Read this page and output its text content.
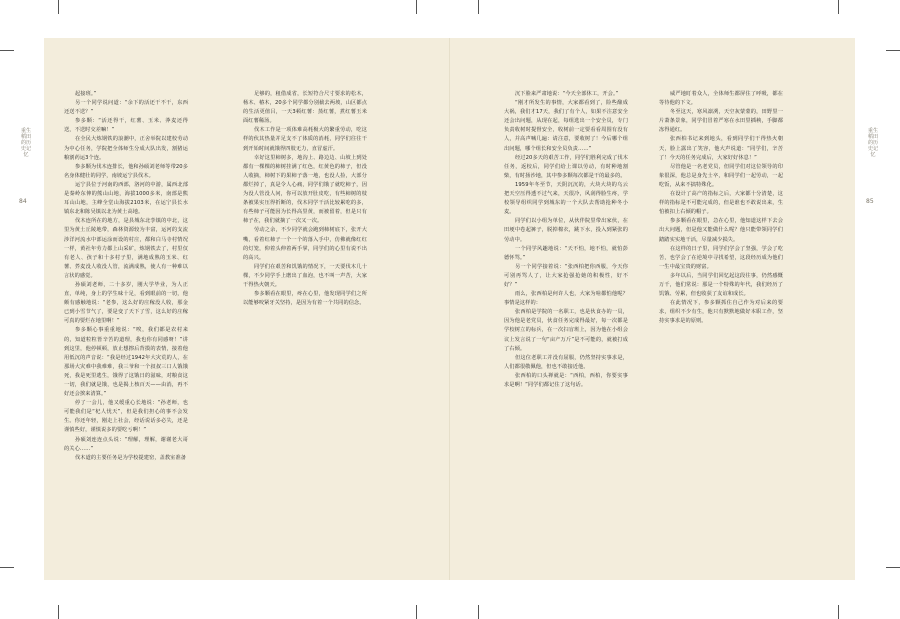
重生稻田的历史记忆
84
重生稻田的历史记忆
85

起接班。”

另一个同学说问道：“余下的活还干不干，东西还送不送？”

参多颗：“活还得干，红薯、玉米、莽麦还得送，不送时交差嘛！”

在全民大炼钢铁的浪潮中，正舍举院以建校劳动为中心任务，学院把全体师生分成大队出发，割猪运粮割药运3个连。

参多颗为伐木连排长，他和孙硕刘老师等带20多名身体健壮的同学，南坡运宁县伐木。

运宁县位于河南的西部，洛河的中游，属西北部是秦岭东伸的熊山山地，海拔1000多米，南部是熊耳山山地，主峰全堂山海拔2103米，在运宁县长水镇东北和陈吴镇以北为黄土高地。

伐木连所在的地方，是县城东北孪镇的中北，这里为黄土丘陵地带，森林资源较为丰富，运河的支流涉洋河流水中部运涂而设的村庄，都和白马寺村情况一样，黄社年劳力都上山采矿，炼钢铁去了，村里仅有老人、孩子和十多村子里，满地成熟的玉米、红薯、荞麦没人收没人管，流满成熟，使人有一种难以言状的感觉。

孙硕刘老师，二十多岁，刚大学毕业，为人正直，单纯，身上的学生味十足，看到眼前的一切，他颇有感触地说：“老参，这么好的庄稼没人收，那金已到小雪节气了，要是变了天下了雪，这么好的庄稼可真的要烂在地里啊！”

参多颗心事重重地说：“唉，我们都是农村来的，知道粒粒皆辛苦的道理，我也你有同感呀！”讲到这里，他停顿顿，放止想擦后背摸的表情，接着他用低沉的声音说：“我是经过1942年大灾荒的人，在那场大灾难中我难难，我三爷和一个叔叔三口人饿饿死，我是死里逃生，饿得了这饿日的滋味，对粮食这一切，我们就是饿，也是揭上核百天——由消，再不好还会挨来清算。”

停了一会儿，他又缓重心长地说：“孙老师，也可能我们是“杞人忧天”，但是我们担心的事不会发生。你还年轻，刚走上社会，经话说话多必失，还是谨慎些好，谨慎说多的要吃亏啊！”

孙硕刘连连点头说：“理解，理解，谢谢老大哥的关心……”

伐木道的主要任务是为学校提建窑，盖教室准备

足够的，租借成省，长短符合尺寸要求的松木，杨木、椿木，20多个同学都分别截去两坡，山区都点的生活更值吕，一天3顿红薯：蒸红薯，煮红薯玉米面红薯稀汤。

伐木工作是一项体难高耗极大的繁重劳动，吃这样的伙其热量并足支不了体质的消耗，同学们往往干到开始时间就饿得四肢无力，直冒虚汗。

幸好这里柿树多，地沟上、路边边、山坡上到处都有一棵棵的柿树挂满了红色，红黄色的柿子，但没人收摘，柿树下的果柿子落一地，也没人捡，大部分都烂掉了，真是令人心痛，同学们饿了就吃柿子，因为没人管没人问，你可以放开肚皮吃，有些柿树的枝条被果实压得折断的，伐木同学干活比较累吃的多，有些柿子可能因为长得高里黄，而被留着，但是只有柿子在，我们就摘了一次又一次。

劳动之余，不少同学就会跑到柿树底下，张开大嘴，看着红柿子一个一个的落入手中，仿佛就像红红的灯笼，仰着头伸着两手掌，同学们的心里有说不出的高兴。

同学们在艰苦和饥饿的情况下，一天要伐木几十棵，不少同学手上磨出了血泡，也不叫一声苦，大家干得热火朝天。

参多颗看在眼里，疼在心里，他发现同学们之所以能够咬紧牙关坚持，是因为有着一个共同的信念。

沉下脸来严肃地说：“今天全部休工，开会。”

“刚才所发生的事情，大家都看到了，险些酿成大祸，我们才17天，我们了有个人，如果不注意安全还会出问题，从现在起，每组选出一个安全员，专门负责收树时提督安全，收树前一定要看看周围有没有人，并高声喊几遍：请注意，要收树了！今后哪个组出问题，哪个组长和安全员负责……”

经过20多天的艰苦工作，同学们胜利完成了伐木任务，返校后，同学们给上课以劳动，有时种地割柴，有时扬沙地，其中参多颗每次都是干的最多的。

1959年冬至节，天阴沉沉的，大块大块的乌云把天空压得透不过气来，天很冷，风刮得脸生疼，学校领导组织同学到城东的一个大队去帮助抢种冬小麦。

同学们以小组为单位，从伙伴院里带出家伙，在田埂中卷起裤子，脱掉棉衣，跳下水，投入到紧张的劳动中。

一个同学风趣地说：“天不怕，地不怕，就怕彭德怀骂。”

另一个同学接着说：“张西柏把你西服，今天你可别再骂人了，让大家抢强抢她的积极性，好不好？”

雨么，张西柏是何许人也，大家为啥都怕他呢？事情是这样的：

张西柏是学院的一名职工，也是伙食办的一员，因为他是老党员，伙食任务完成得最好，每一次都是学校树立的标兵，在一次扫盲班上，因为他在小组会议上发言说了一句“亩产万斤”是不可能的，就被打成了右倾。

但这位老职工并没有屈服，仍然坚持实事求是，人们都很敬佩他，但也不敢接近他。

张西柏的口头禅就是：“西柏，西柏，你要实事求是啊！”同学们都记住了这句话。

威严地盯着众人，全体师生都屏住了呼吸，都在等待他的下文。

冬至这天，寒风凛冽，天空灰蒙蒙的，田野里一片萧条景象，同学们冒着严寒在水田里插秧，手脚都冻得通红。

张西柏书记来到地头，看到同学们干得热火朝天，脸上露出了笑容，他大声说道：“同学们，辛苦了！今天的任务完成后，大家好好休息！”

尽管他是一名老党员，但同学们对这位领导的印象很深，他总是身先士卒，和同学们一起劳动，一起吃饭，从来不搞特殊化。

在设计了高产的指标之后，大家都十分清楚，这样的指标是不可能完成的，但是谁也不敢说出来，生怕被扣上右倾的帽子。

参多颗看在眼里，急在心里，他知道这样下去会出大问题，但是他又能做什么呢？他只能带领同学们踏踏实实地干活，尽量减少损失。

在这样的日子里，同学们学会了坚强，学会了吃苦，也学会了在逆境中寻找希望，这段经历成为他们一生中最宝贵的财富。

多年以后，当同学们回忆起这段往事，仍然感慨万千，他们常说：那是一个特殊的年代，我们经历了饥饿、劳累，但也收获了友谊和成长。

在此情况下，参多颗抓住自己作为对后来的要求，组织不少有生，他只有默默地做好本职工作，坚持实事求是的原则。
